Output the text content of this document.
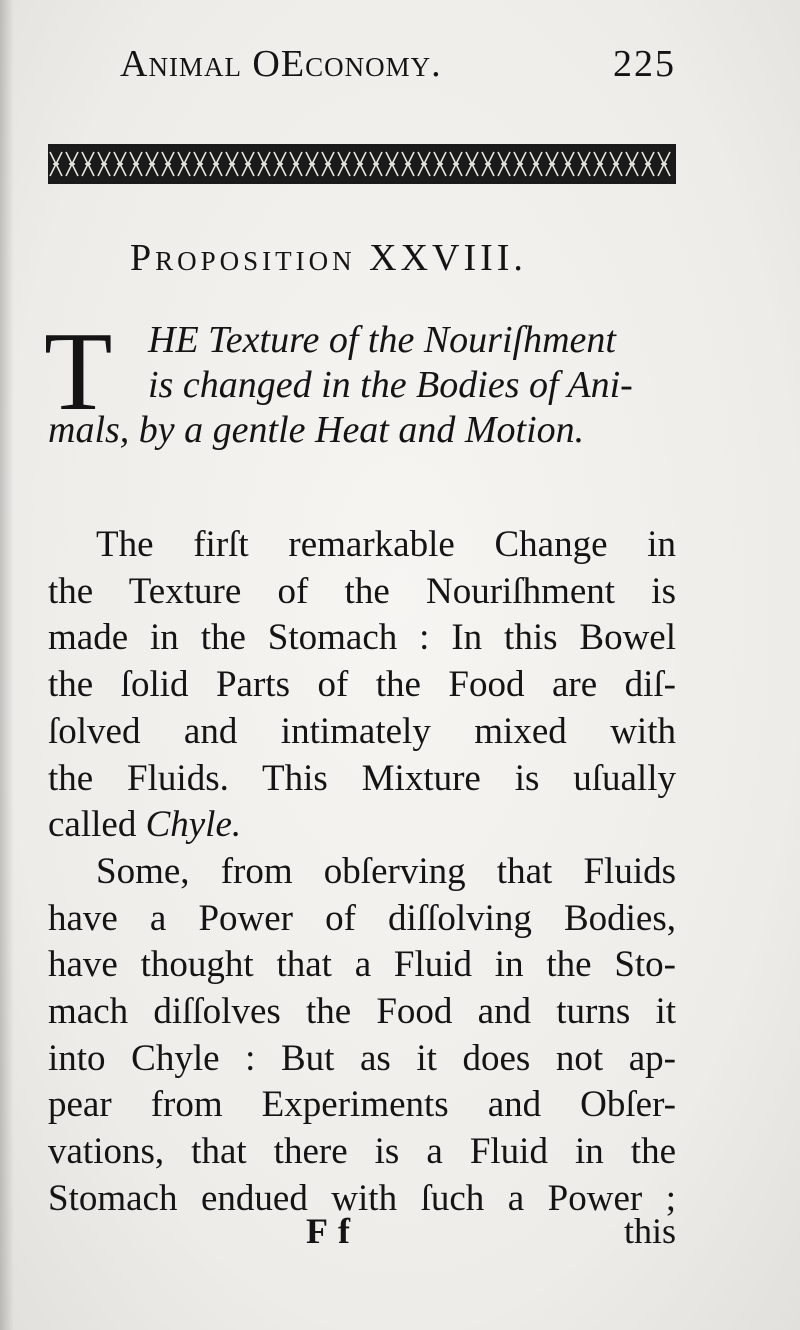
Animal OEconomy.	225
Proposition XXVIII.
T HE Texture of the Nouriſhment
is changed in the Bodies of Ani-
mals, by a gentle Heat and Motion.
The firſt remarkable Change in
the Texture of the Nouriſhment is
made in the Stomach : In this Bowel
the ſolid Parts of the Food are diſ-
ſolved and intimately mixed with
the Fluids. This Mixture is uſually
called Chyle.
Some, from obſerving that Fluids
have a Power of diſſolving Bodies,
have thought that a Fluid in the Sto-
mach diſſolves the Food and turns it
into Chyle : But as it does not ap-
pear from Experiments and Obſer-
vations, that there is a Fluid in the
Stomach endued with ſuch a Power ;
Ff	this
